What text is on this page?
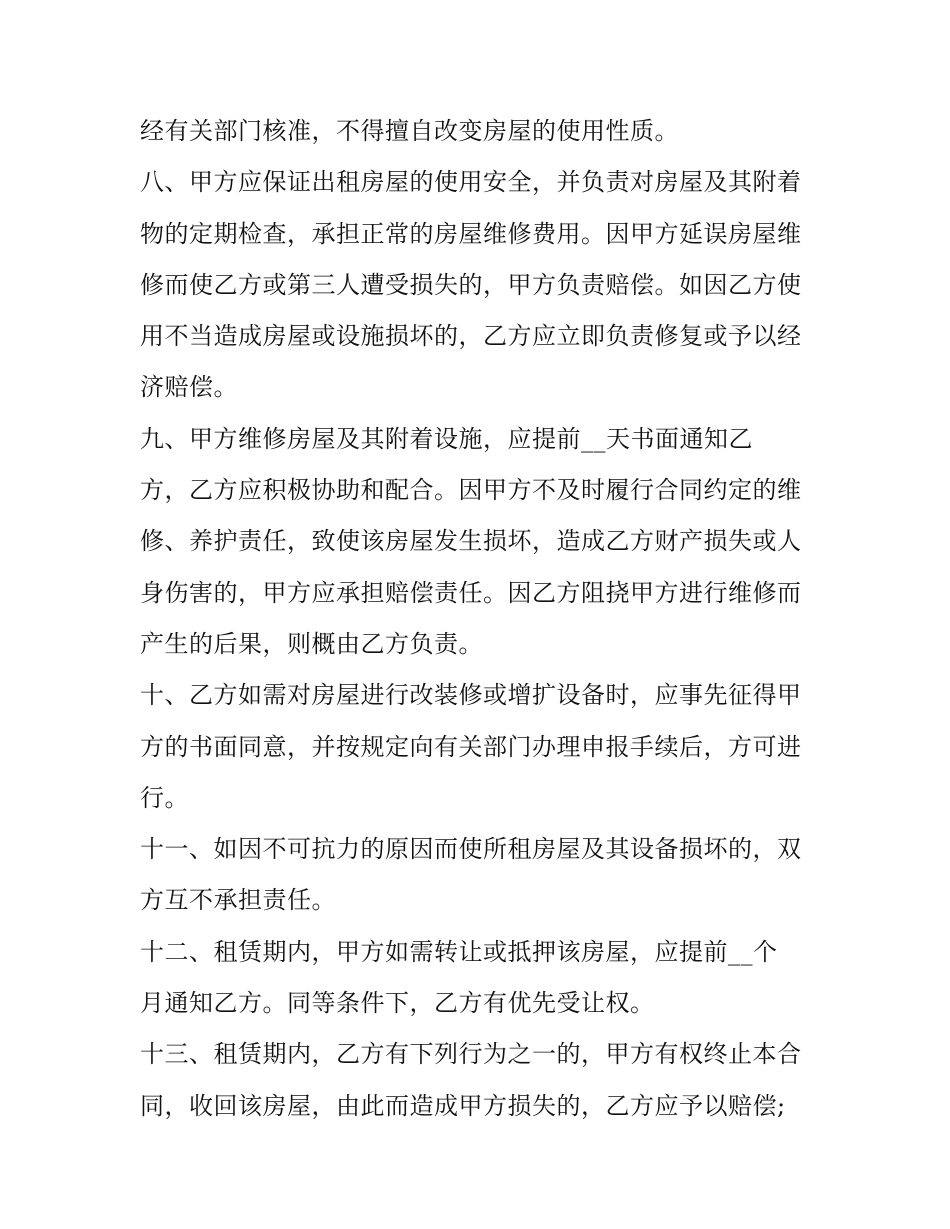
经有关部门核准，不得擅自改变房屋的使用性质。
八、甲方应保证出租房屋的使用安全，并负责对房屋及其附着
物的定期检查，承担正常的房屋维修费用。因甲方延误房屋维
修而使乙方或第三人遭受损失的，甲方负责赔偿。如因乙方使
用不当造成房屋或设施损坏的，乙方应立即负责修复或予以经
济赔偿。
九、甲方维修房屋及其附着设施，应提前__天书面通知乙
方，乙方应积极协助和配合。因甲方不及时履行合同约定的维
修、养护责任，致使该房屋发生损坏，造成乙方财产损失或人
身伤害的，甲方应承担赔偿责任。因乙方阻挠甲方进行维修而
产生的后果，则概由乙方负责。
十、乙方如需对房屋进行改装修或增扩设备时，应事先征得甲
方的书面同意，并按规定向有关部门办理申报手续后，方可进
行。
十一、如因不可抗力的原因而使所租房屋及其设备损坏的，双
方互不承担责任。
十二、租赁期内，甲方如需转让或抵押该房屋，应提前__个
月通知乙方。同等条件下，乙方有优先受让权。
十三、租赁期内，乙方有下列行为之一的，甲方有权终止本合
同，收回该房屋，由此而造成甲方损失的，乙方应予以赔偿;
